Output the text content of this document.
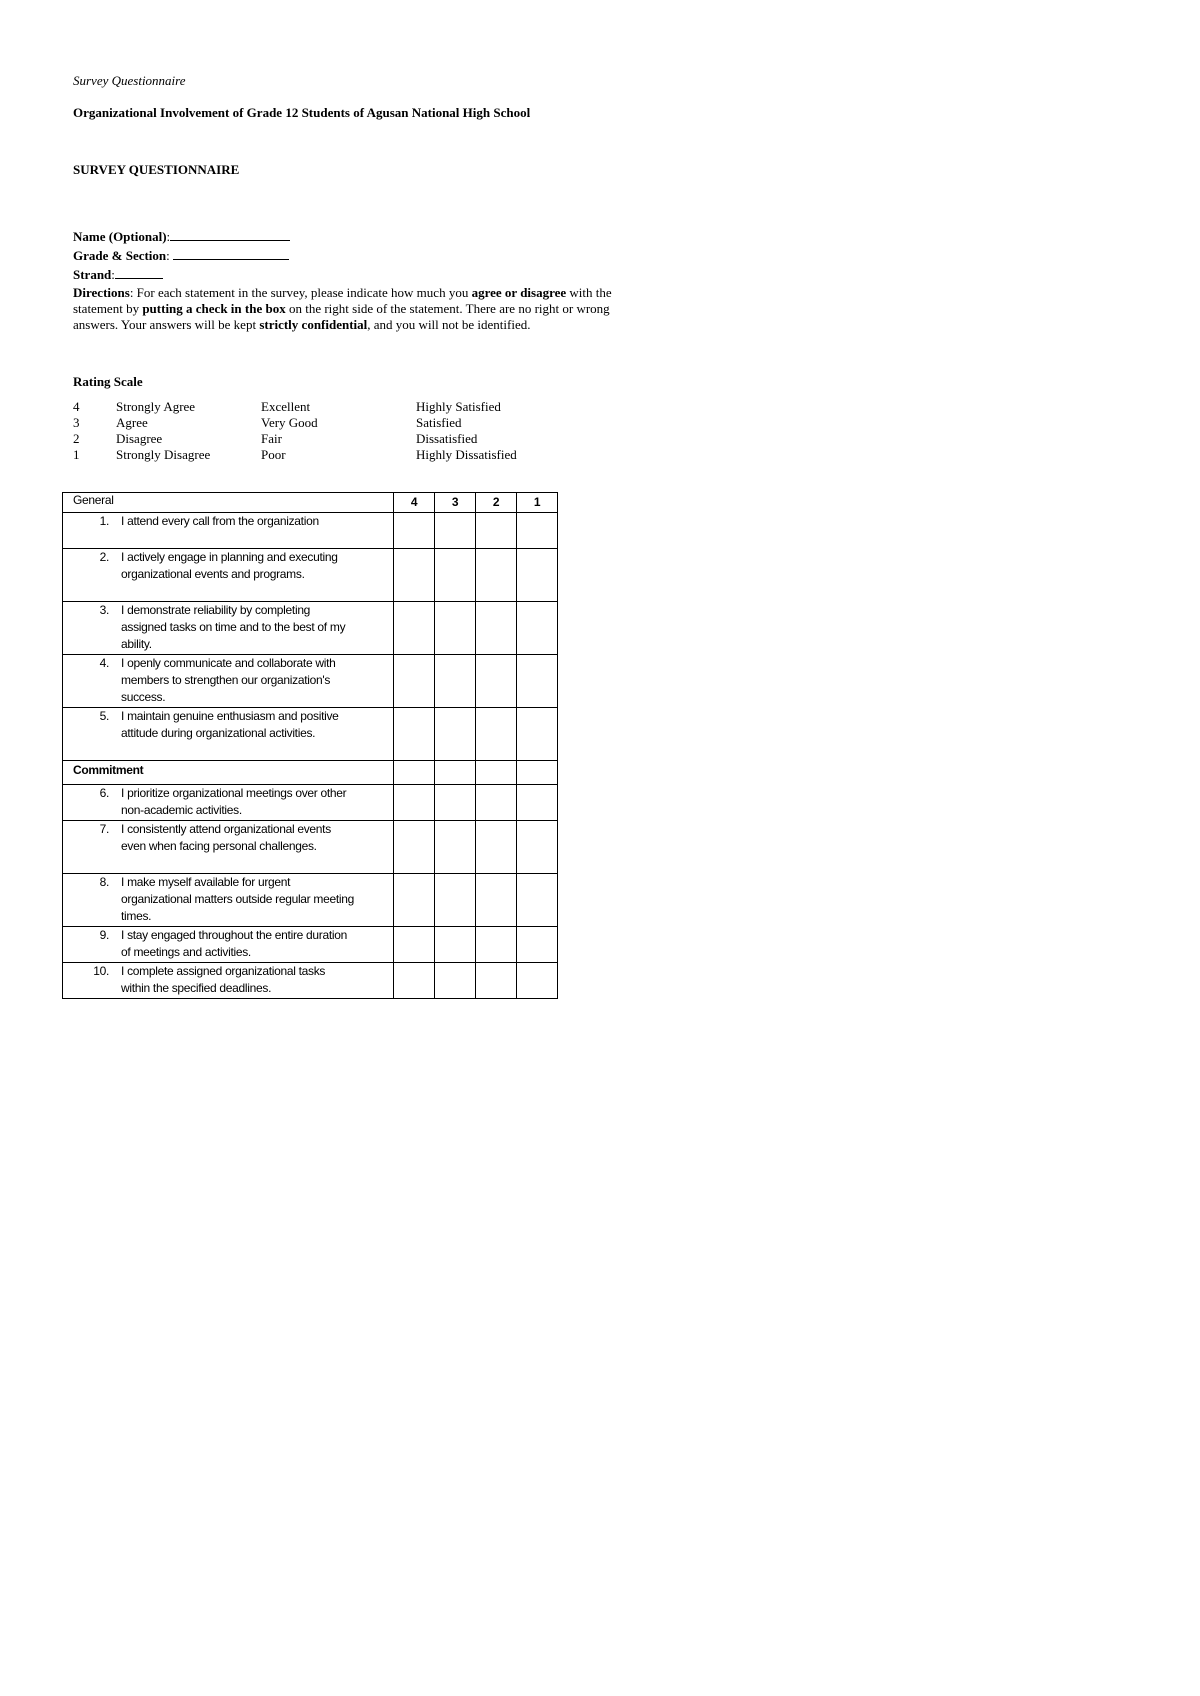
Survey Questionnaire
Organizational Involvement of Grade 12 Students of Agusan National High School
SURVEY QUESTIONNAIRE
Name (Optional):
Grade & Section:
Strand:
Directions: For each statement in the survey, please indicate how much you agree or disagree with the statement by putting a check in the box on the right side of the statement. There are no right or wrong answers. Your answers will be kept strictly confidential, and you will not be identified.
Rating Scale
4	Strongly Agree	Excellent	Highly Satisfied
3	Agree	Very Good	Satisfied
2	Disagree	Fair	Dissatisfied
1	Strongly Disagree	Poor	Highly Dissatisfied
General	4	3	2	1

1. I attend every call from the organization				

2. I actively engage in planning and executing organizational events and programs.				

3. I demonstrate reliability by completing assigned tasks on time and to the best of my ability.				

4. I openly communicate and collaborate with members to strengthen our organization's success.				

5. I maintain genuine enthusiasm and positive attitude during organizational activities.				

Commitment				

6. I prioritize organizational meetings over other non-academic activities.				

7. I consistently attend organizational events even when facing personal challenges.				

8. I make myself available for urgent organizational matters outside regular meeting times.				

9. I stay engaged throughout the entire duration of meetings and activities.				

10. I complete assigned organizational tasks within the specified deadlines.				
